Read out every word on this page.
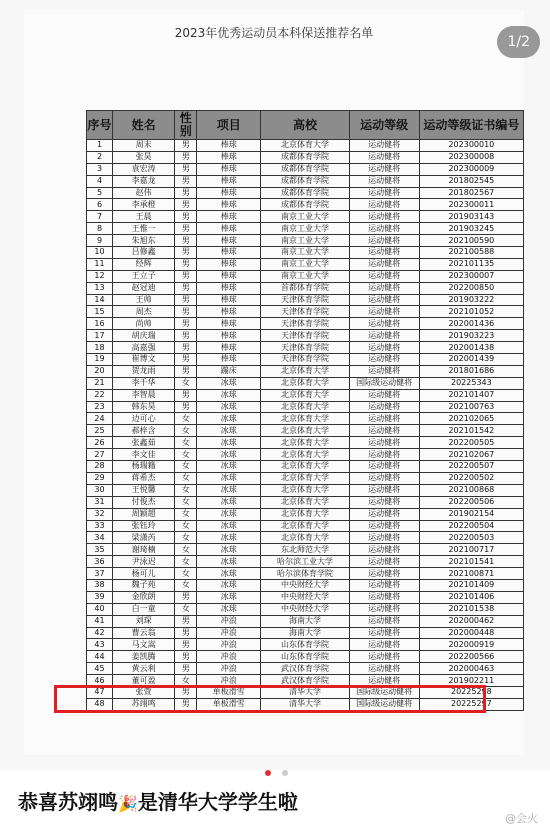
2023年优秀运动员本科保送推荐名单
序号	姓名	性别	项目	高校	运动等级	运动等级证书编号
1	周末	男	棒球	北京体育大学	运动健将	202300010
2	张昊	男	棒球	成都体育学院	运动健将	202300008
3	袁宏涛	男	棒球	成都体育学院	运动健将	202300009
4	李嘉龙	男	棒球	成都体育学院	运动健将	201802545
5	赵伟	男	棒球	成都体育学院	运动健将	201802567
6	李承橙	男	棒球	成都体育学院	运动健将	202300011
7	王晨	男	棒球	南京工业大学	运动健将	201903143
8	王惟一	男	棒球	南京工业大学	运动健将	201903245
9	朱旭东	男	棒球	南京工业大学	运动健将	202100590
10	吕修鑫	男	棒球	南京工业大学	运动健将	202100588
11	经辉	男	棒球	南京工业大学	运动健将	202101135
12	王立子	男	棒球	南京工业大学	运动健将	202300007
13	赵冠迪	男	棒球	首都体育学院	运动健将	202200850
14	王帅	男	棒球	天津体育学院	运动健将	201903222
15	周杰	男	棒球	天津体育学院	运动健将	202101052
16	尚帅	男	棒球	天津体育学院	运动健将	202001436
17	胡庆瑞	男	棒球	天津体育学院	运动健将	201903223
18	高嘉强	男	棒球	天津体育学院	运动健将	202001438
19	崔博文	男	棒球	天津体育学院	运动健将	202001439
20	贺龙雨	男	蹦床	北京体育大学	运动健将	201801686
21	李千华	女	冰球	北京体育大学	国际级运动健将	20225343
22	李智晨	男	冰球	北京体育大学	运动健将	202101407
23	韩东昊	男	冰球	北京体育大学	运动健将	202100763
24	边可心	女	冰球	北京体育大学	运动健将	202102065
25	郝梓含	女	冰球	北京体育大学	运动健将	202101542
26	张鑫茹	女	冰球	北京体育大学	运动健将	202200505
27	李文佳	女	冰球	北京体育大学	运动健将	202102067
28	杨瑞籍	女	冰球	北京体育大学	运动健将	202200507
29	蒋希杰	女	冰球	北京体育大学	运动健将	202200502
30	王悦馨	女	冰球	北京体育大学	运动健将	202100868
31	付俊杰	女	冰球	北京体育大学	运动健将	202200506
32	周颖超	女	冰球	北京体育大学	运动健将	201902154
33	张钰玲	女	冰球	北京体育大学	运动健将	202200504
34	梁潇芮	女	冰球	北京体育大学	运动健将	202200503
35	谢琦楠	女	冰球	东北师范大学	运动健将	202100717
36	尹泳迟	女	冰球	哈尔滨工业大学	运动健将	202101541
37	杨可儿	女	冰球	哈尔滨体育学院	运动健将	202100871
38	魏子苑	女	冰球	中央财经大学	运动健将	202101409
39	金欣朗	男	冰球	中央财经大学	运动健将	202101406
40	白一童	女	冰球	中央财经大学	运动健将	202101538
41	刘琛	男	冲浪	海南大学	运动健将	202000462
42	曹云翁	男	冲浪	海南大学	运动健将	202000448
43	马文嵩	男	冲浪	山东体育学院	运动健将	202000919
44	姜凯腾	男	冲浪	山东体育学院	运动健将	202200566
45	黄云利	男	冲浪	武汉体育学院	运动健将	202000463
46	董可盈	女	冲浪	武汉体育学院	运动健将	201902211
47	张萱	男	单板滑雪	清华大学	国际级运动健将	20225298
48	苏翊鸣	男	单板滑雪	清华大学	国际级运动健将	20225297
1/2

恭喜苏翊鸣🎉是清华大学学生啦
@会火
